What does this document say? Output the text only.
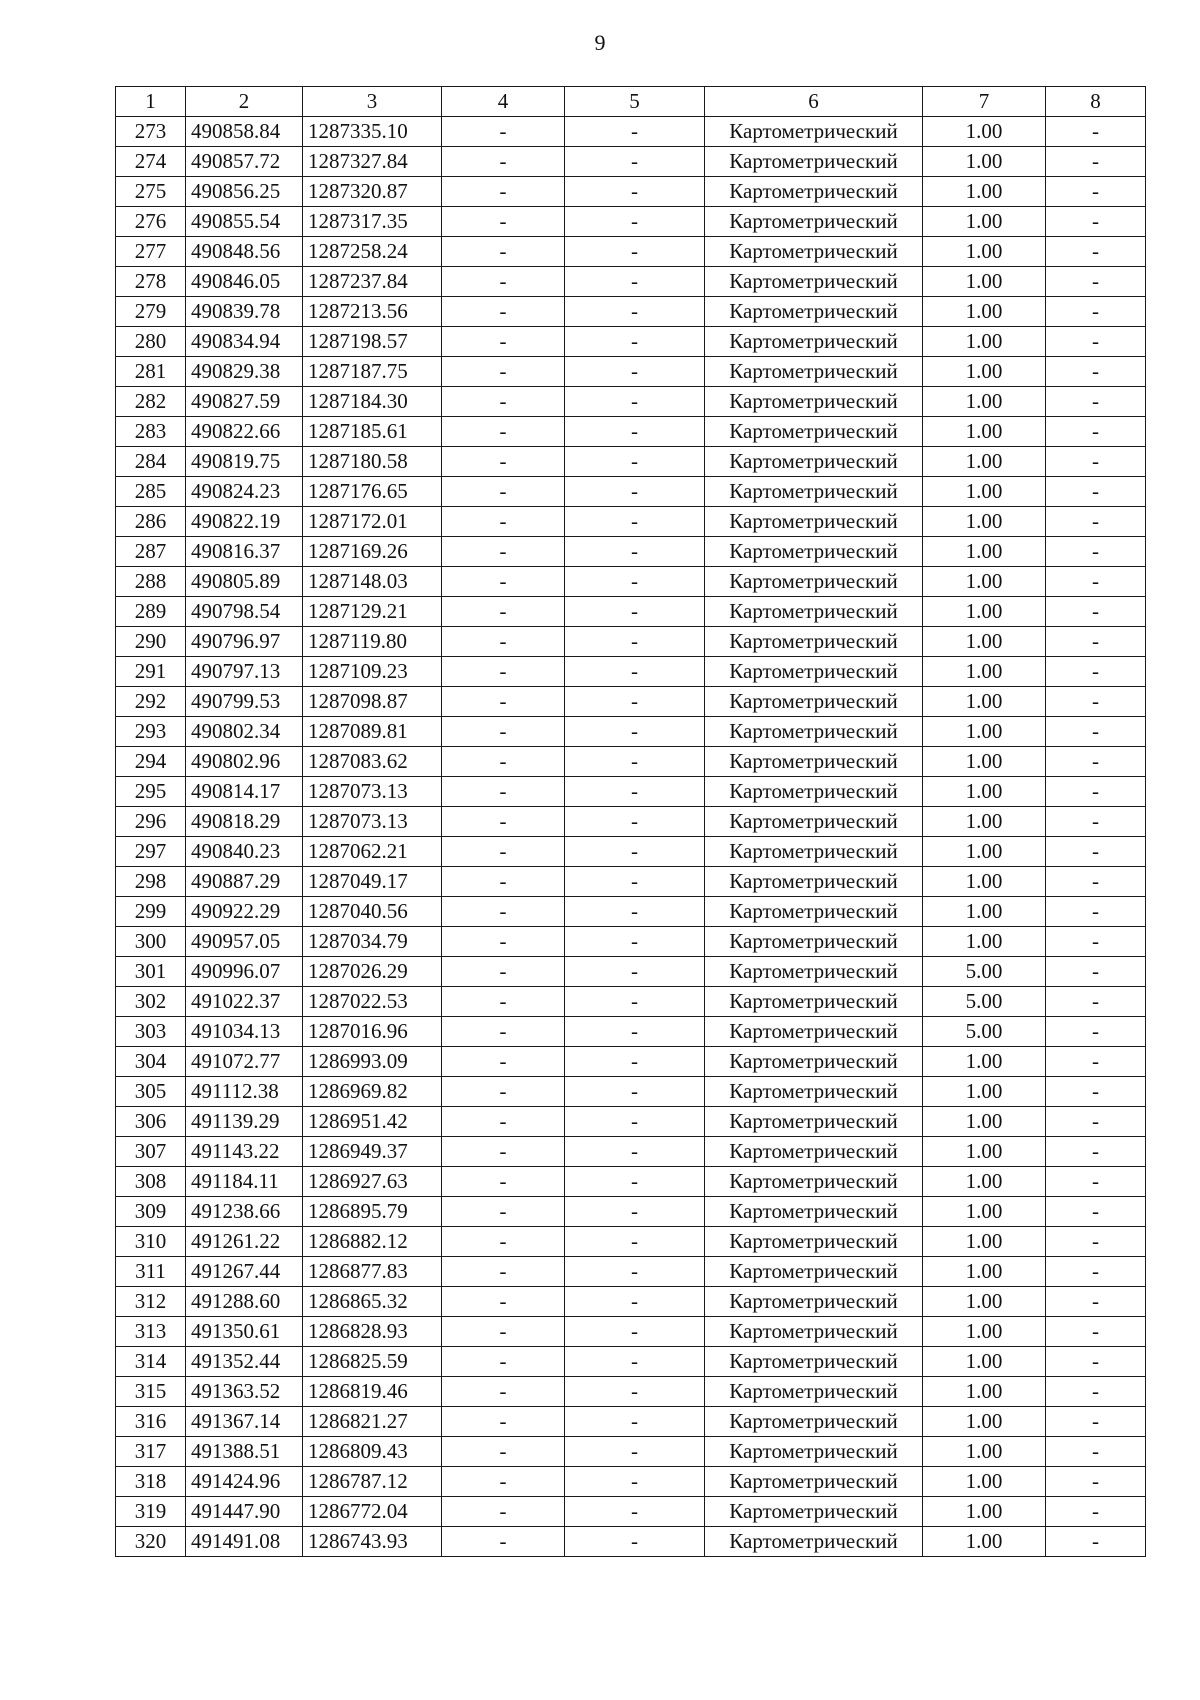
9
1	2	3	4	5	6	7	8
273	490858.84	1287335.10	-	-	Картометрический	1.00	-
274	490857.72	1287327.84	-	-	Картометрический	1.00	-
275	490856.25	1287320.87	-	-	Картометрический	1.00	-
276	490855.54	1287317.35	-	-	Картометрический	1.00	-
277	490848.56	1287258.24	-	-	Картометрический	1.00	-
278	490846.05	1287237.84	-	-	Картометрический	1.00	-
279	490839.78	1287213.56	-	-	Картометрический	1.00	-
280	490834.94	1287198.57	-	-	Картометрический	1.00	-
281	490829.38	1287187.75	-	-	Картометрический	1.00	-
282	490827.59	1287184.30	-	-	Картометрический	1.00	-
283	490822.66	1287185.61	-	-	Картометрический	1.00	-
284	490819.75	1287180.58	-	-	Картометрический	1.00	-
285	490824.23	1287176.65	-	-	Картометрический	1.00	-
286	490822.19	1287172.01	-	-	Картометрический	1.00	-
287	490816.37	1287169.26	-	-	Картометрический	1.00	-
288	490805.89	1287148.03	-	-	Картометрический	1.00	-
289	490798.54	1287129.21	-	-	Картометрический	1.00	-
290	490796.97	1287119.80	-	-	Картометрический	1.00	-
291	490797.13	1287109.23	-	-	Картометрический	1.00	-
292	490799.53	1287098.87	-	-	Картометрический	1.00	-
293	490802.34	1287089.81	-	-	Картометрический	1.00	-
294	490802.96	1287083.62	-	-	Картометрический	1.00	-
295	490814.17	1287073.13	-	-	Картометрический	1.00	-
296	490818.29	1287073.13	-	-	Картометрический	1.00	-
297	490840.23	1287062.21	-	-	Картометрический	1.00	-
298	490887.29	1287049.17	-	-	Картометрический	1.00	-
299	490922.29	1287040.56	-	-	Картометрический	1.00	-
300	490957.05	1287034.79	-	-	Картометрический	1.00	-
301	490996.07	1287026.29	-	-	Картометрический	5.00	-
302	491022.37	1287022.53	-	-	Картометрический	5.00	-
303	491034.13	1287016.96	-	-	Картометрический	5.00	-
304	491072.77	1286993.09	-	-	Картометрический	1.00	-
305	491112.38	1286969.82	-	-	Картометрический	1.00	-
306	491139.29	1286951.42	-	-	Картометрический	1.00	-
307	491143.22	1286949.37	-	-	Картометрический	1.00	-
308	491184.11	1286927.63	-	-	Картометрический	1.00	-
309	491238.66	1286895.79	-	-	Картометрический	1.00	-
310	491261.22	1286882.12	-	-	Картометрический	1.00	-
311	491267.44	1286877.83	-	-	Картометрический	1.00	-
312	491288.60	1286865.32	-	-	Картометрический	1.00	-
313	491350.61	1286828.93	-	-	Картометрический	1.00	-
314	491352.44	1286825.59	-	-	Картометрический	1.00	-
315	491363.52	1286819.46	-	-	Картометрический	1.00	-
316	491367.14	1286821.27	-	-	Картометрический	1.00	-
317	491388.51	1286809.43	-	-	Картометрический	1.00	-
318	491424.96	1286787.12	-	-	Картометрический	1.00	-
319	491447.90	1286772.04	-	-	Картометрический	1.00	-
320	491491.08	1286743.93	-	-	Картометрический	1.00	-
